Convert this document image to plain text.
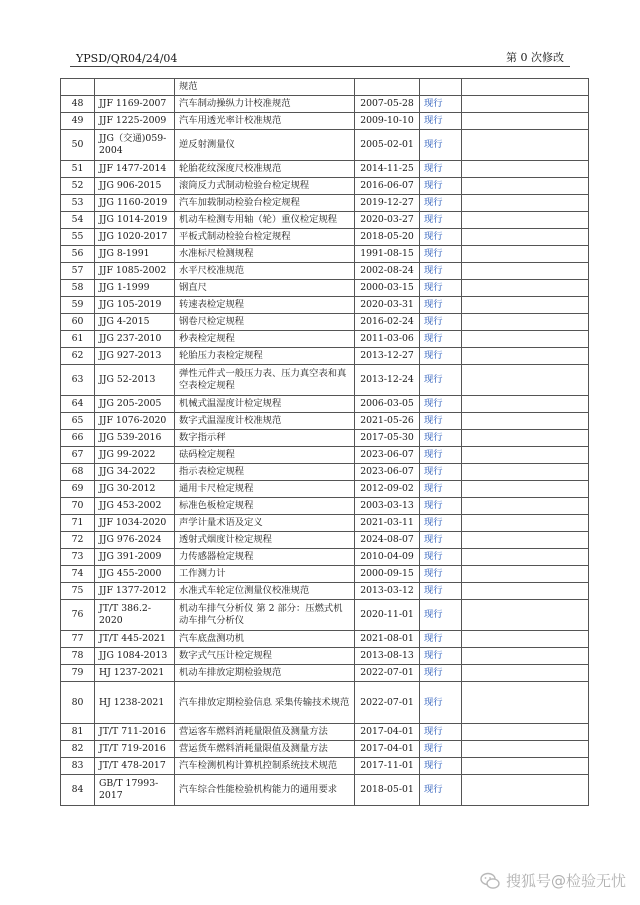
YPSD/QR04/24/04	第 0 次修改
		规范			
48	JJF 1169-2007	汽车制动操纵力计校准规范	2007-05-28	现行	
49	JJF 1225-2009	汽车用透光率计校准规范	2009-10-10	现行	
50	JJG（交通)059-2004	逆反射测量仪	2005-02-01	现行	
51	JJF 1477-2014	轮胎花纹深度尺校准规范	2014-11-25	现行	
52	JJG 906-2015	滚筒反力式制动检验台检定规程	2016-06-07	现行	
53	JJG 1160-2019	汽车加载制动检验台检定规程	2019-12-27	现行	
54	JJG 1014-2019	机动车检测专用轴（轮）重仪检定规程	2020-03-27	现行	
55	JJG 1020-2017	平板式制动检验台检定规程	2018-05-20	现行	
56	JJG 8-1991	水准标尺检测规程	1991-08-15	现行	
57	JJF 1085-2002	水平尺校准规范	2002-08-24	现行	
58	JJG 1-1999	钢直尺	2000-03-15	现行	
59	JJG 105-2019	转速表检定规程	2020-03-31	现行	
60	JJG 4-2015	钢卷尺检定规程	2016-02-24	现行	
61	JJG 237-2010	秒表检定规程	2011-03-06	现行	
62	JJG 927-2013	轮胎压力表检定规程	2013-12-27	现行	
63	JJG 52-2013	弹性元件式一般压力表、压力真空表和真空表检定规程	2013-12-24	现行	
64	JJG 205-2005	机械式温湿度计检定规程	2006-03-05	现行	
65	JJF 1076-2020	数字式温湿度计校准规范	2021-05-26	现行	
66	JJG 539-2016	数字指示秤	2017-05-30	现行	
67	JJG 99-2022	砝码检定规程	2023-06-07	现行	
68	JJG 34-2022	指示表检定规程	2023-06-07	现行	
69	JJG 30-2012	通用卡尺检定规程	2012-09-02	现行	
70	JJG 453-2002	标准色板检定规程	2003-03-13	现行	
71	JJF 1034-2020	声学计量术语及定义	2021-03-11	现行	
72	JJG 976-2024	透射式烟度计检定规程	2024-08-07	现行	
73	JJG 391-2009	力传感器检定规程	2010-04-09	现行	
74	JJG 455-2000	工作测力计	2000-09-15	现行	
75	JJF 1377-2012	水准式车轮定位测量仪校准规范	2013-03-12	现行	
76	JT/T 386.2-2020	机动车排气分析仪 第 2 部分：压燃式机动车排气分析仪	2020-11-01	现行	
77	JT/T 445-2021	汽车底盘测功机	2021-08-01	现行	
78	JJG 1084-2013	数字式气压计检定规程	2013-08-13	现行	
79	HJ 1237-2021	机动车排放定期检验规范	2022-07-01	现行	
80	HJ 1238-2021	汽车排放定期检验信息 采集传输技术规范	2022-07-01	现行	
81	JT/T 711-2016	营运客车燃料消耗量限值及测量方法	2017-04-01	现行	
82	JT/T 719-2016	营运货车燃料消耗量限值及测量方法	2017-04-01	现行	
83	JT/T 478-2017	汽车检测机构计算机控制系统技术规范	2017-11-01	现行	
84	GB/T 17993-2017	汽车综合性能检验机构能力的通用要求	2018-05-01	现行	
搜狐号@检验无忧
